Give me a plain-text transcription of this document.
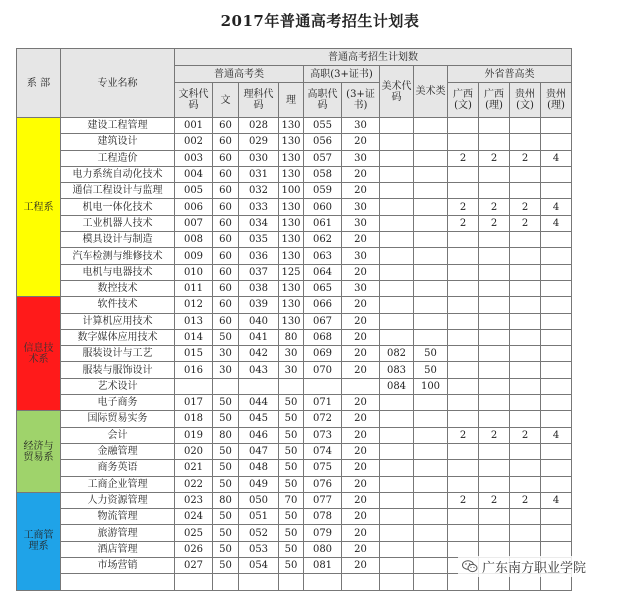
2017年普通高考招生计划表
系 部	专业名称	普通高考招生计划数											
		普通高考类				高职(3+证书)		美术代码	美术类	外省普高类			
		文科代码	文	理科代码	理	高职代码	(3+证书)			广西(文)	广西(理)	贵州(文)	贵州(理)
工程系	建设工程管理	001	60	028	130	055	30						
	建筑设计	002	60	029	130	056	20						
	工程造价	003	60	030	130	057	30			2	2	2	4
	电力系统自动化技术	004	60	031	130	058	20						
	通信工程设计与监理	005	60	032	100	059	20						
	机电一体化技术	006	60	033	130	060	30			2	2	2	4
	工业机器人技术	007	60	034	130	061	30			2	2	2	4
	模具设计与制造	008	60	035	130	062	20						
	汽车检测与维修技术	009	60	036	130	063	30						
	电机与电器技术	010	60	037	125	064	20						
	数控技术	011	60	038	130	065	30						
信息技术系	软件技术	012	60	039	130	066	20						
	计算机应用技术	013	60	040	130	067	20						
	数字媒体应用技术	014	50	041	80	068	20						
	服装设计与工艺	015	30	042	30	069	20	082	50				
	服装与服饰设计	016	30	043	30	070	20	083	50				
	艺术设计							084	100				
	电子商务	017	50	044	50	071	20						
经济与贸易系	国际贸易实务	018	50	045	50	072	20						
	会计	019	80	046	50	073	20			2	2	2	4
	金融管理	020	50	047	50	074	20						
	商务英语	021	50	048	50	075	20						
	工商企业管理	022	50	049	50	076	20						
工商管理系	人力资源管理	023	80	050	70	077	20			2	2	2	4
	物流管理	024	50	051	50	078	20						
	旅游管理	025	50	052	50	079	20						
	酒店管理	026	50	053	50	080	20						
	市场营销	027	50	054	50	081	20						
													广东南方职业学院
